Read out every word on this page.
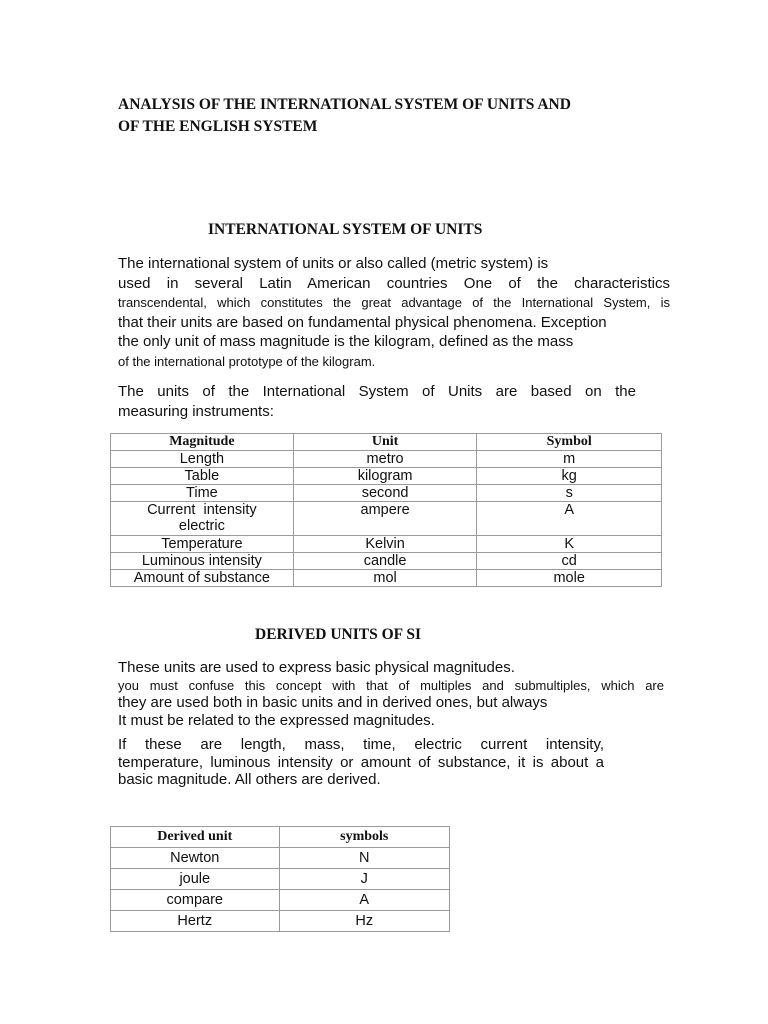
ANALYSIS OF THE INTERNATIONAL SYSTEM OF UNITS AND
OF THE ENGLISH SYSTEM
INTERNATIONAL SYSTEM OF UNITS

The international system of units or also called (metric system) is
used in several Latin American countries One of the characteristics
transcendental, which constitutes the great advantage of the International System, is
that their units are based on fundamental physical phenomena. Exception
the only unit of mass magnitude is the kilogram, defined as the mass
of the international prototype of the kilogram.

The units of the International System of Units are based on the
measuring instruments:

Magnitude	Unit	Symbol
Length	metro	m
Table	kilogram	kg
Time	second	s

Current  intensity
electric	ampere	A
Temperature	Kelvin	K
Luminous intensity	candle	cd
Amount of substance	mol	mole
DERIVED UNITS OF SI

These units are used to express basic physical magnitudes.
you must confuse this concept with that of multiples and submultiples, which are
they are used both in basic units and in derived ones, but always
It must be related to the expressed magnitudes.

If these are length, mass, time, electric current intensity,
temperature, luminous intensity or amount of substance, it is about a
basic magnitude. All others are derived.

Derived unit	symbols
Newton	N
joule	J
compare	A
Hertz	Hz
